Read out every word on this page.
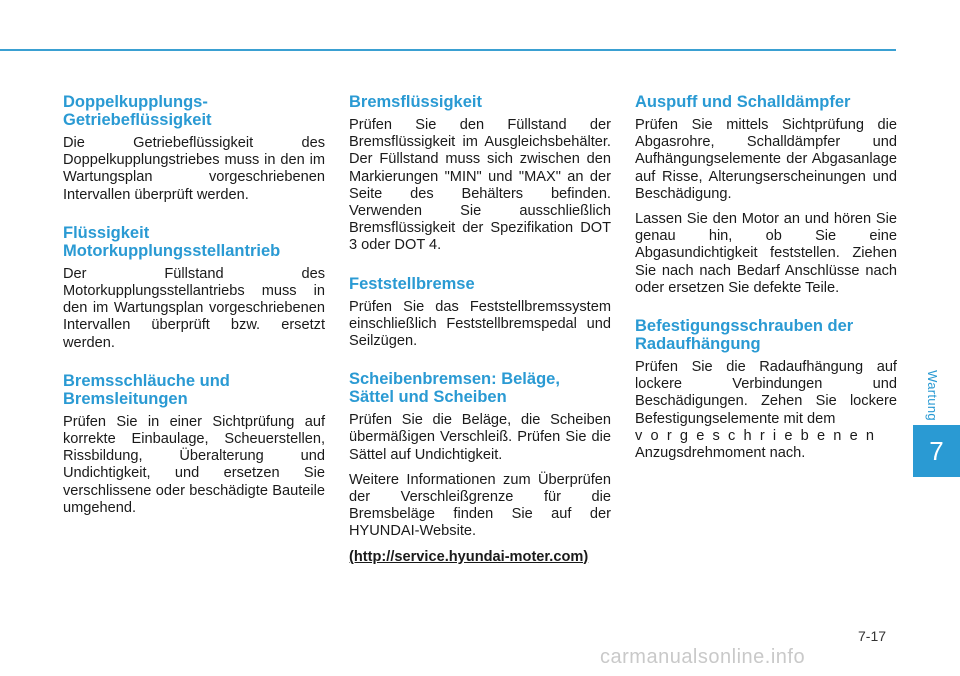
Doppelkupplungs-
Getriebeflüssigkeit

Die Getriebeflüssigkeit des Doppelkupplungstriebes muss in den im Wartungsplan vorgeschriebenen Intervallen überprüft werden.

Flüssigkeit
Motorkupplungsstellantrieb

Der Füllstand des Motorkupplungsstellantriebs muss in den im Wartungsplan vorgeschriebenen Intervallen überprüft bzw. ersetzt werden.

Bremsschläuche und
Bremsleitungen

Prüfen Sie in einer Sichtprüfung auf korrekte Einbaulage, Scheuerstellen, Rissbildung, Überalterung und Undichtigkeit, und ersetzen Sie verschlissene oder beschädigte Bauteile umgehend.

Bremsflüssigkeit

Prüfen Sie den Füllstand der Bremsflüssigkeit im Ausgleichsbehälter. Der Füllstand muss sich zwischen den Markierungen "MIN" und "MAX" an der Seite des Behälters befinden. Verwenden Sie ausschließlich Bremsflüssigkeit der Spezifikation DOT 3 oder DOT 4.

Feststellbremse

Prüfen Sie das Feststellbremssystem einschließlich Feststellbremspedal und Seilzügen.

Scheibenbremsen: Beläge,
Sättel und Scheiben

Prüfen Sie die Beläge, die Scheiben übermäßigen Verschleiß. Prüfen Sie die Sättel auf Undichtigkeit.

Weitere Informationen zum Überprüfen der Verschleißgrenze für die Bremsbeläge finden Sie auf der HYUNDAI-Website.

(http://service.hyundai-moter.com)

Auspuff und Schalldämpfer

Prüfen Sie mittels Sichtprüfung die Abgasrohre, Schalldämpfer und Aufhängungselemente der Abgasanlage auf Risse, Alterungserscheinungen und Beschädigung.

Lassen Sie den Motor an und hören Sie genau hin, ob Sie eine Abgasundichtigkeit feststellen. Ziehen Sie nach nach Bedarf Anschlüsse nach oder ersetzen Sie defekte Teile.

Befestigungsschrauben der
Radaufhängung

Prüfen Sie die Radaufhängung auf lockere Verbindungen und Beschädigungen. Zehen Sie lockere Befestigungselemente mit dem
vorgeschriebenen
Anzugsdrehmoment nach.

Wartung
7
7-17
carmanualsonline.info
